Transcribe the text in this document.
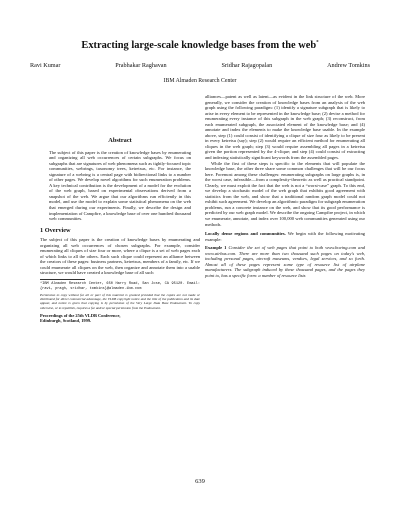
Extracting large-scale knowledge bases from the web*
Ravi Kumar	Prabhakar Raghavan	Sridhar Rajagopalan	Andrew Tomkins
IBM Almaden Research Center
Abstract

The subject of this paper is the creation of knowledge bases by enumerating and organizing all web occurrences of certain subgraphs. We focus on subgraphs that are signatures of web phenomena such as tightly-focused topic communities, webrings, taxonomy trees, keiretsus, etc. For instance, the signature of a webring is a central page with bidirectional links to a number of other pages. We develop novel algorithms for such enumeration problems. A key technical contribution is the development of a model for the evolution of the web graph, based on experimental observations derived from a snapshot of the web. We argue that our algorithms run efficiently in this model, and use the model to explain some statistical phenomena on the web that emerged during our experiments. Finally, we describe the design and implementation of Campfire, a knowledge base of over one hundred thousand web communities.

1 Overview

The subject of this paper is the creation of knowledge bases by enumerating and organizing all web occurrences of chosen subgraphs. For example, consider enumerating all cliques of size four or more, where a clique is a set of web pages each of which links to all the others. Each such clique could represent an alliance between the creators of these pages: business partners, keiretsus, members of a family, etc. If we could enumerate all cliques on the web, then organize and annotate them into a usable structure, we would have created a knowledge base of all such

*IBM Almaden Research Center, 650 Harry Road, San Jose, CA 95120. Email: {ravi, pragh, sridhar, tomkins}@almaden.ibm.com
Permission to copy without fee all or part of this material is granted provided that the copies are not made or distributed for direct commercial advantage, the VLDB copyright notice and the title of the publication and its date appear, and notice is given that copying is by permission of the Very Large Data Base Endowment. To copy otherwise, or to republish, requires a fee and/or special permission from the Endowment.
Proceedings of the 25th VLDB Conference,
Edinburgh, Scotland, 1999.

alliances—patent as well as latent—as evident in the link structure of the web. More generally, we consider the creation of knowledge bases from an analysis of the web graph using the following paradigm: (1) identify a signature subgraph that is likely to arise in every element to be represented in the knowledge base; (2) devise a method for enumerating every instance of this subgraph in the web graph; (3) reconstruct, from each enumerated subgraph, the associated element of the knowledge base; and (4) annotate and index the elements to make the knowledge base usable. In the example above, step (1) could consist of identifying a clique of size four as likely to be present in every keiretsu (say); step (2) would require an efficient method for enumerating all cliques in the web graph; step (3) would require assembling all pages in a keiretsu given the portion represented by the 4-clique; and step (4) could consist of extracting and indexing statistically significant keywords from the assembled pages.

While the first of these steps is specific to the elements that will populate the knowledge base, the other three share some common challenges that will be our focus here. Foremost among these challenges: enumerating subgraphs on large graphs is, in the worst case, infeasible—from a complexity-theoretic as well as practical standpoint. Clearly, we must exploit the fact that the web is not a “worst-case” graph. To this end, we develop a stochastic model of the web graph that exhibits good agreement with statistics from the web, and show that a traditional random graph model could not exhibit such agreement. We develop an algorithmic paradigm for subgraph enumeration problems, run a concrete instance on the web, and show that its good performance is predicted by our web graph model. We describe the ongoing Campfire project, in which we enumerate, annotate, and index over 100,000 web communities generated using our methods.

Locally dense regions and communities. We begin with the following motivating example:

Example 1 Consider the set of web pages that point to both www.boeing.com and www.airbus.com. There are more than two thousand such pages on today's web, including personal pages, aircraft museums, vendors, legal services, and so forth. Almost all of these pages represent some type of resource list of airplane manufacturers. The subgraph induced by these thousand pages, and the pages they point to, has a specific form: a number of resource lists

639
